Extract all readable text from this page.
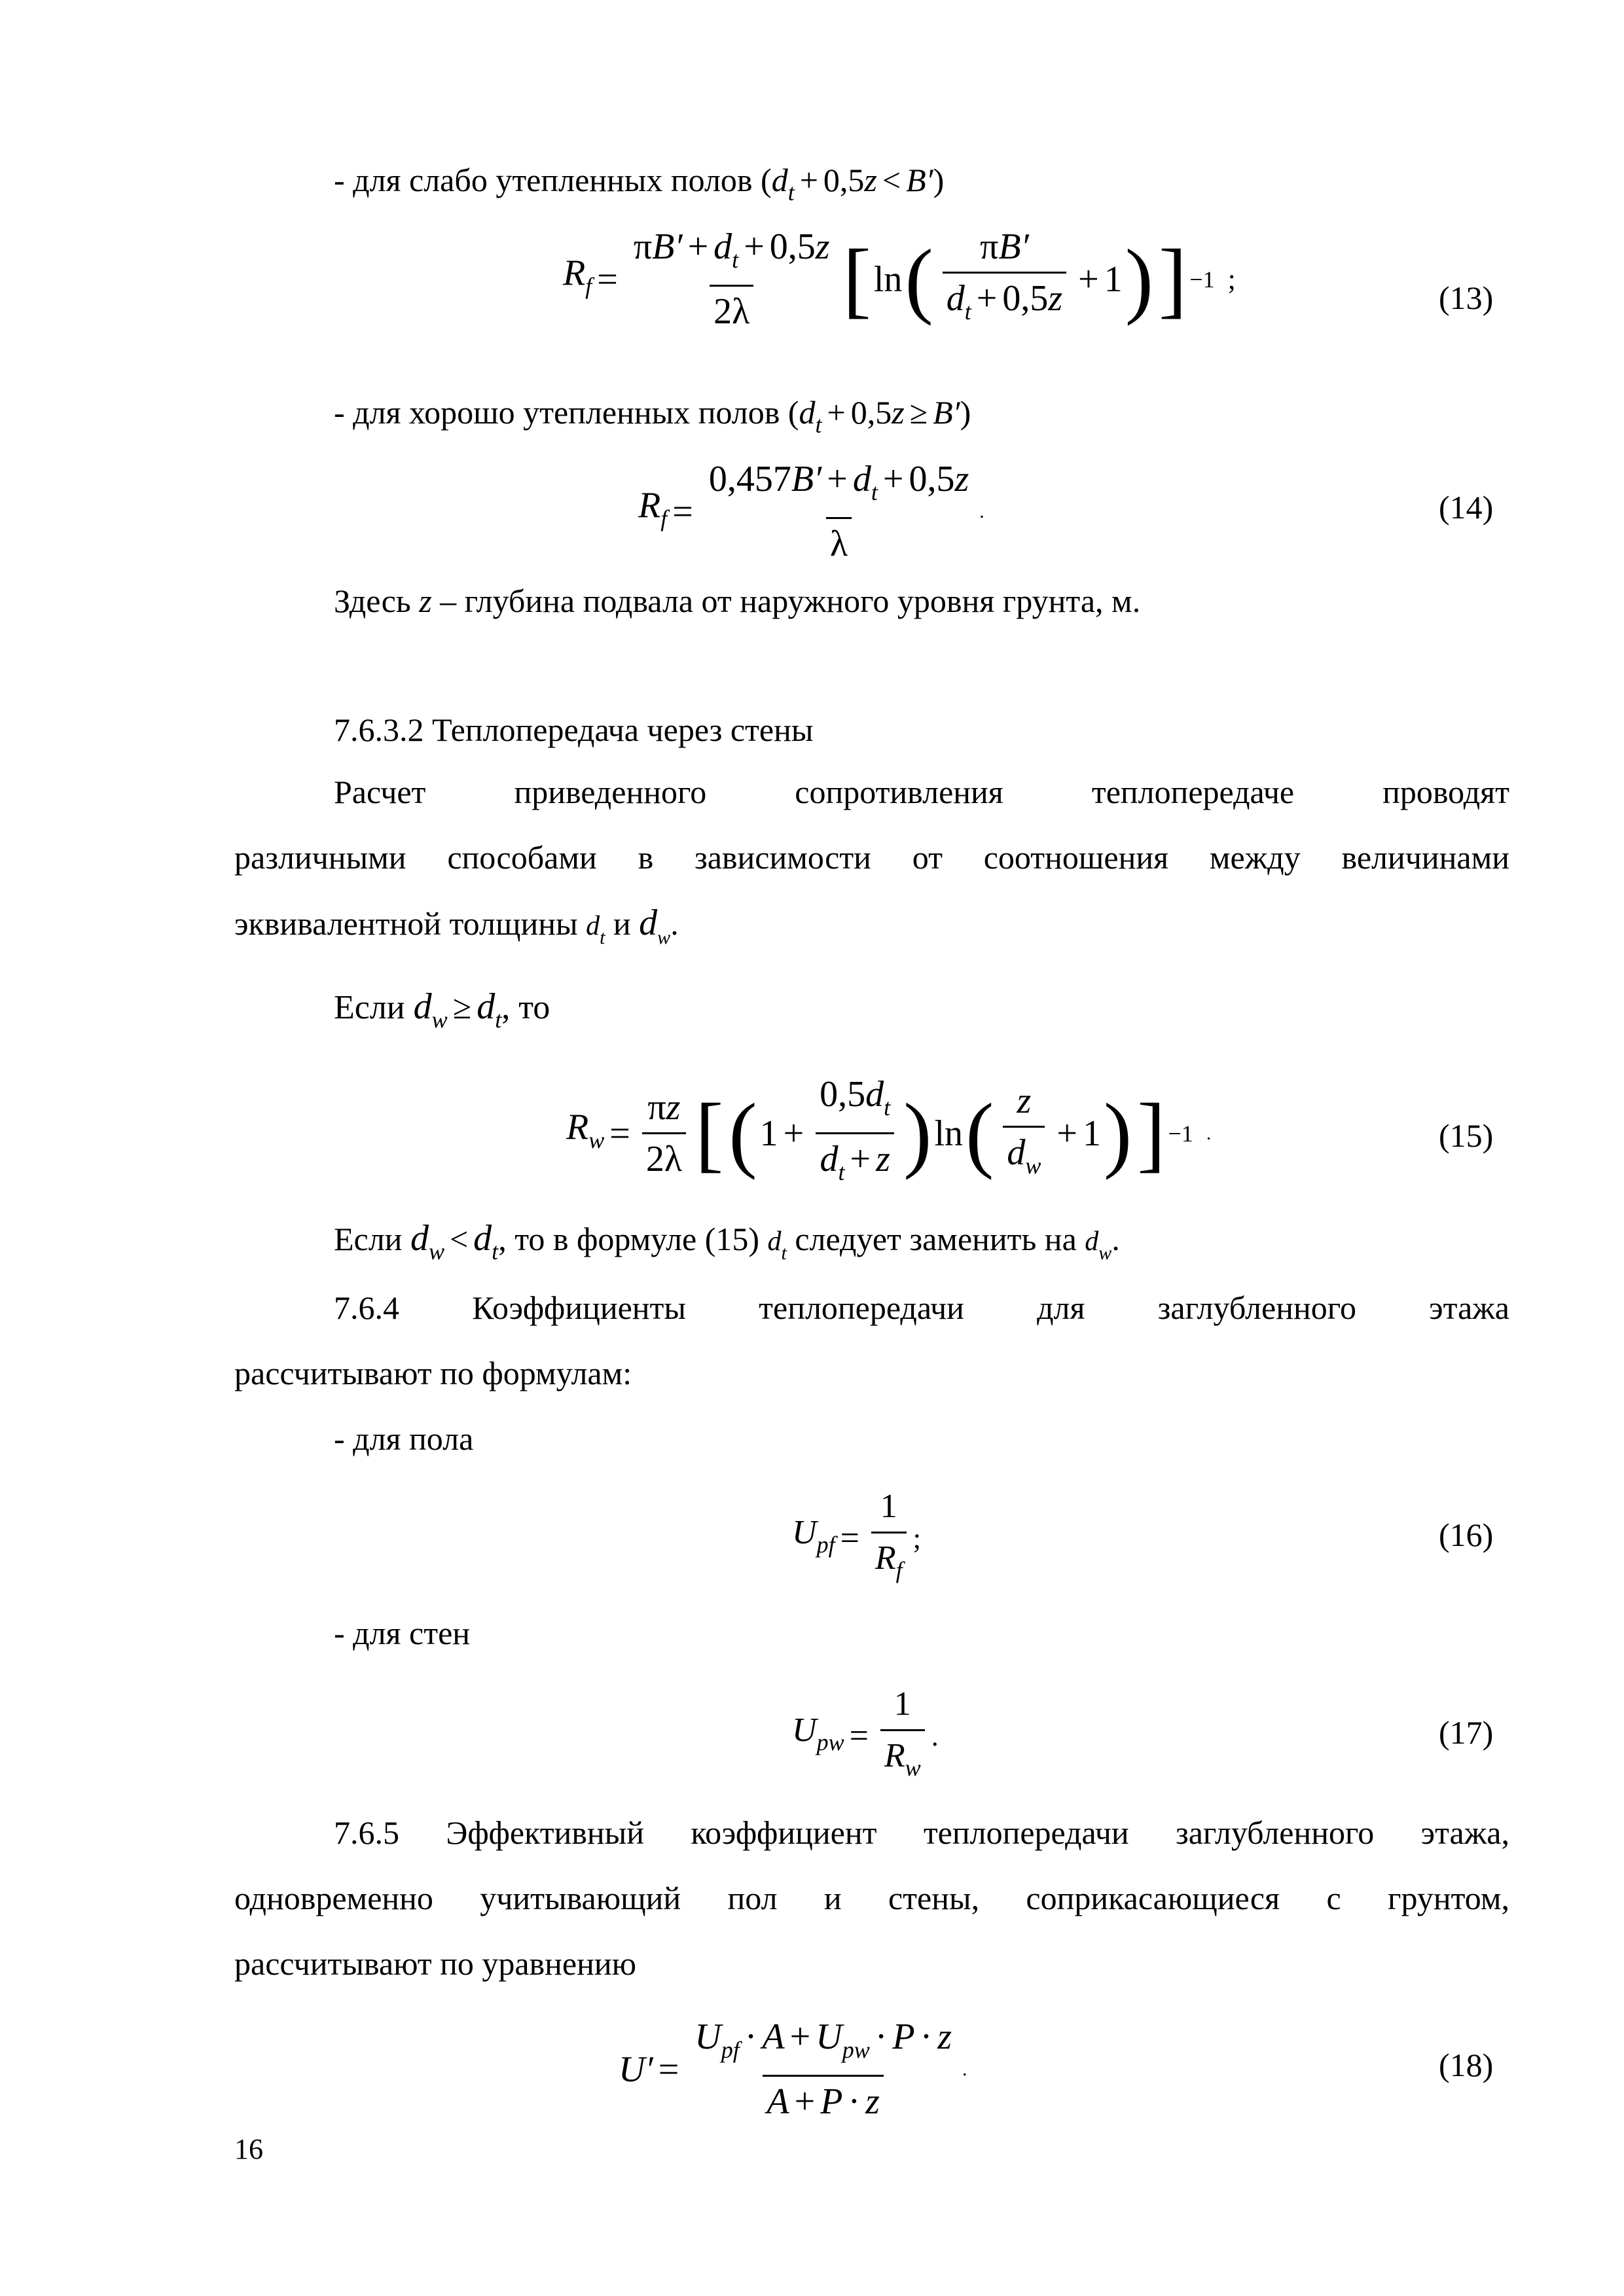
- для слабо утепленных полов $(d_t + 0,5z < B')$
$R_f = \frac{\pi B' + d_t + 0,5z}{2\lambda}$ [ ln ( $\frac{\pi B'}{d_t + 0,5z} + 1$ ) ] −1 ;
(13)
- для хорошо утепленных полов $(d_t + 0,5z \ge B')$
$R_f = \frac{0,457B' + d_t + 0,5z}{\lambda}$ .	(14)
Здесь z – глубина подвала от наружного уровня грунта, м.
7.6.3.2 Теплопередача через стены
Расчет приведенного сопротивления теплопередаче проводят
различными способами в зависимости от соотношения между величинами
эквивалентной толщины $d_t$ и $d_w$.
Если $d_w \ge d_t$, то
$R_w = \frac{\pi z}{2\lambda}$ [ ( $1 + \frac{0,5d_t}{d_t + z}$ ) ln ( $\frac{z}{d_w} + 1$ ) ] −1 .	(15)
Если $d_w < d_t$, то в формуле (15) $d_t$ следует заменить на $d_w$.
7.6.4 Коэффициенты теплопередачи для заглубленного этажа
рассчитывают по формулам:
- для пола
$U_{pf} = \frac{1}{R_f}$ ;	(16)
- для стен
$U_{pw} = \frac{1}{R_w}$ .	(17)
7.6.5 Эффективный коэффициент теплопередачи заглубленного этажа,
одновременно учитывающий пол и стены, соприкасающиеся с грунтом,
рассчитывают по уравнению
$U' = \frac{U_{pf} \cdot A + U_{pw} \cdot P \cdot z}{A + P \cdot z}$ .	(18)
16
